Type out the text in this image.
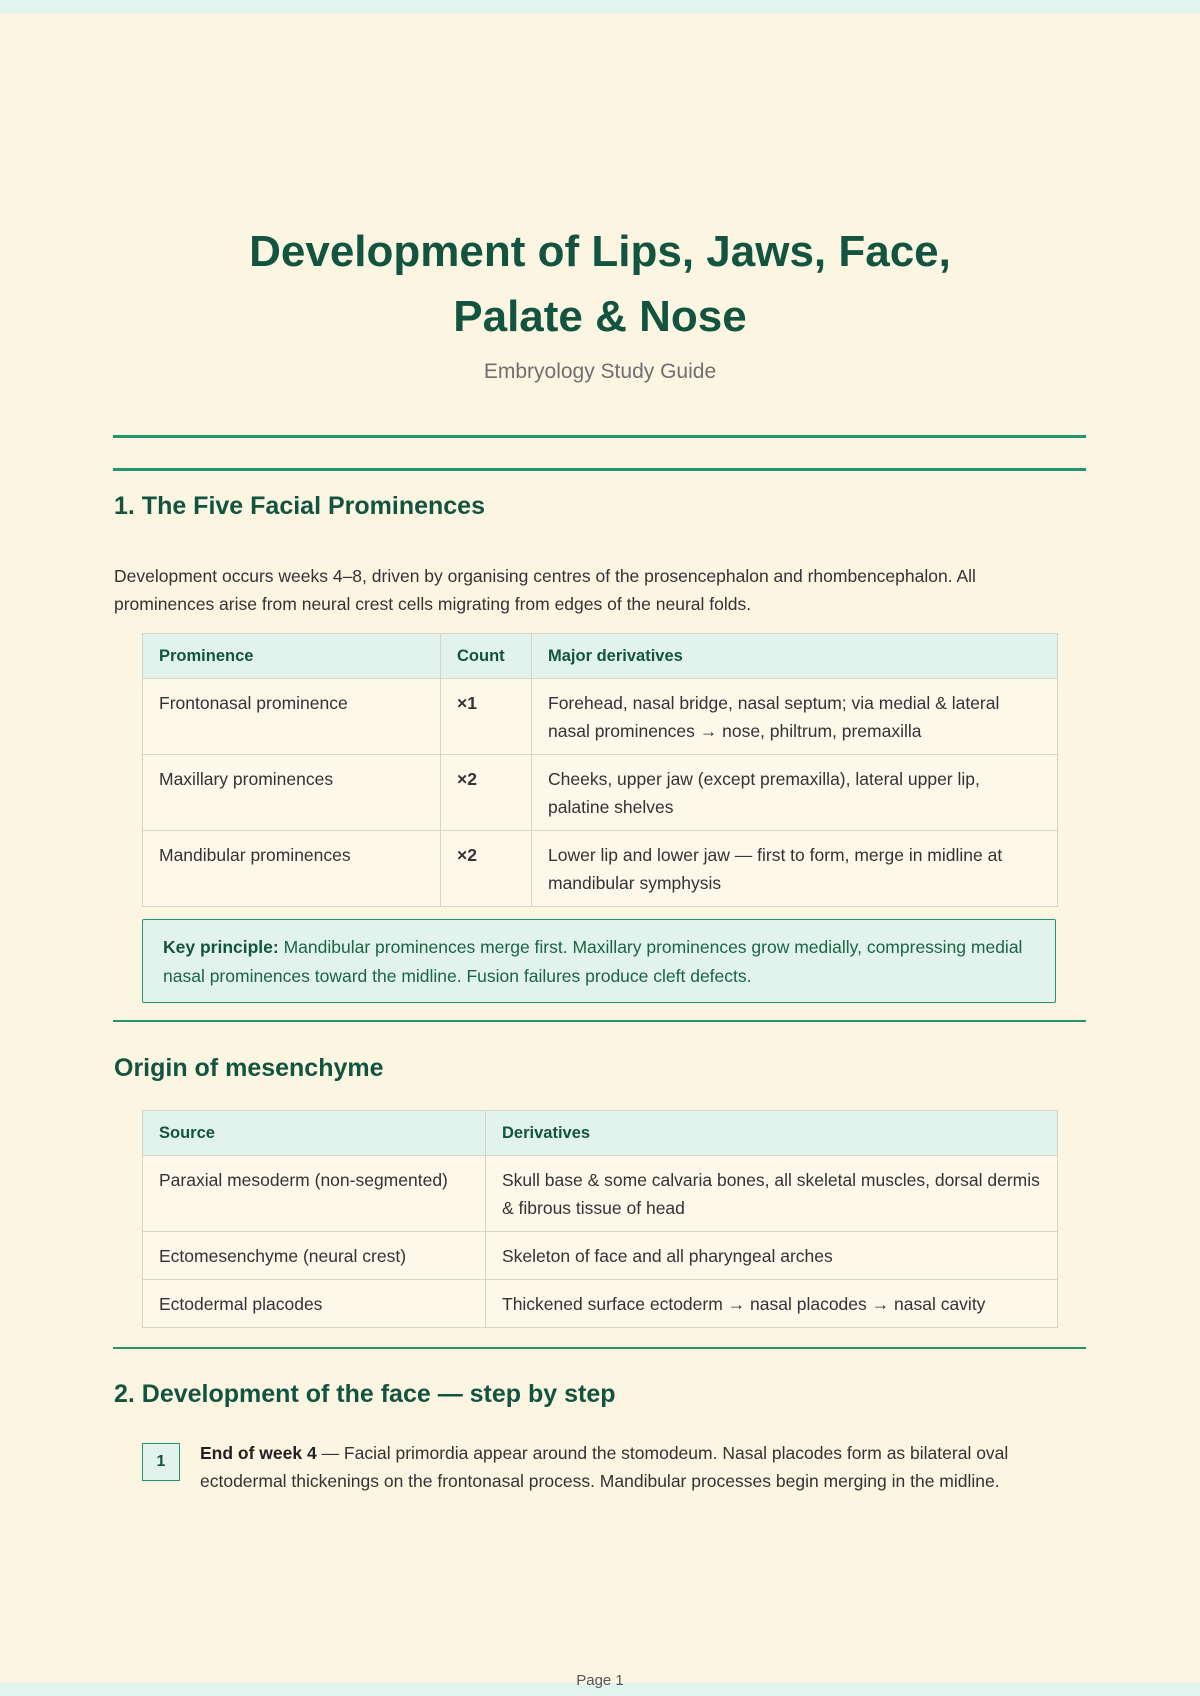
Development of Lips, Jaws, Face,
Palate & Nose
Embryology Study Guide
1. The Five Facial Prominences

Development occurs weeks 4–8, driven by organising centres of the prosencephalon and rhombencephalon. All prominences arise from neural crest cells migrating from edges of the neural folds.

Prominence	Count	Major derivatives
Frontonasal prominence	×1	Forehead, nasal bridge, nasal septum; via medial & lateral nasal prominences → nose, philtrum, premaxilla
Maxillary prominences	×2	Cheeks, upper jaw (except premaxilla), lateral upper lip, palatine shelves
Mandibular prominences	×2	Lower lip and lower jaw — first to form, merge in midline at mandibular symphysis
Key principle: Mandibular prominences merge first. Maxillary prominences grow medially, compressing medial nasal prominences toward the midline. Fusion failures produce cleft defects.
Origin of mesenchyme
Source	Derivatives
Paraxial mesoderm (non-segmented)	Skull base & some calvaria bones, all skeletal muscles, dorsal dermis & fibrous tissue of head
Ectomesenchyme (neural crest)	Skeleton of face and all pharyngeal arches
Ectodermal placodes	Thickened surface ectoderm → nasal placodes → nasal cavity
2. Development of the face — step by step
1	End of week 4 — Facial primordia appear around the stomodeum. Nasal placodes form as bilateral oval ectodermal thickenings on the frontonasal process. Mandibular processes begin merging in the midline.
Page 1
